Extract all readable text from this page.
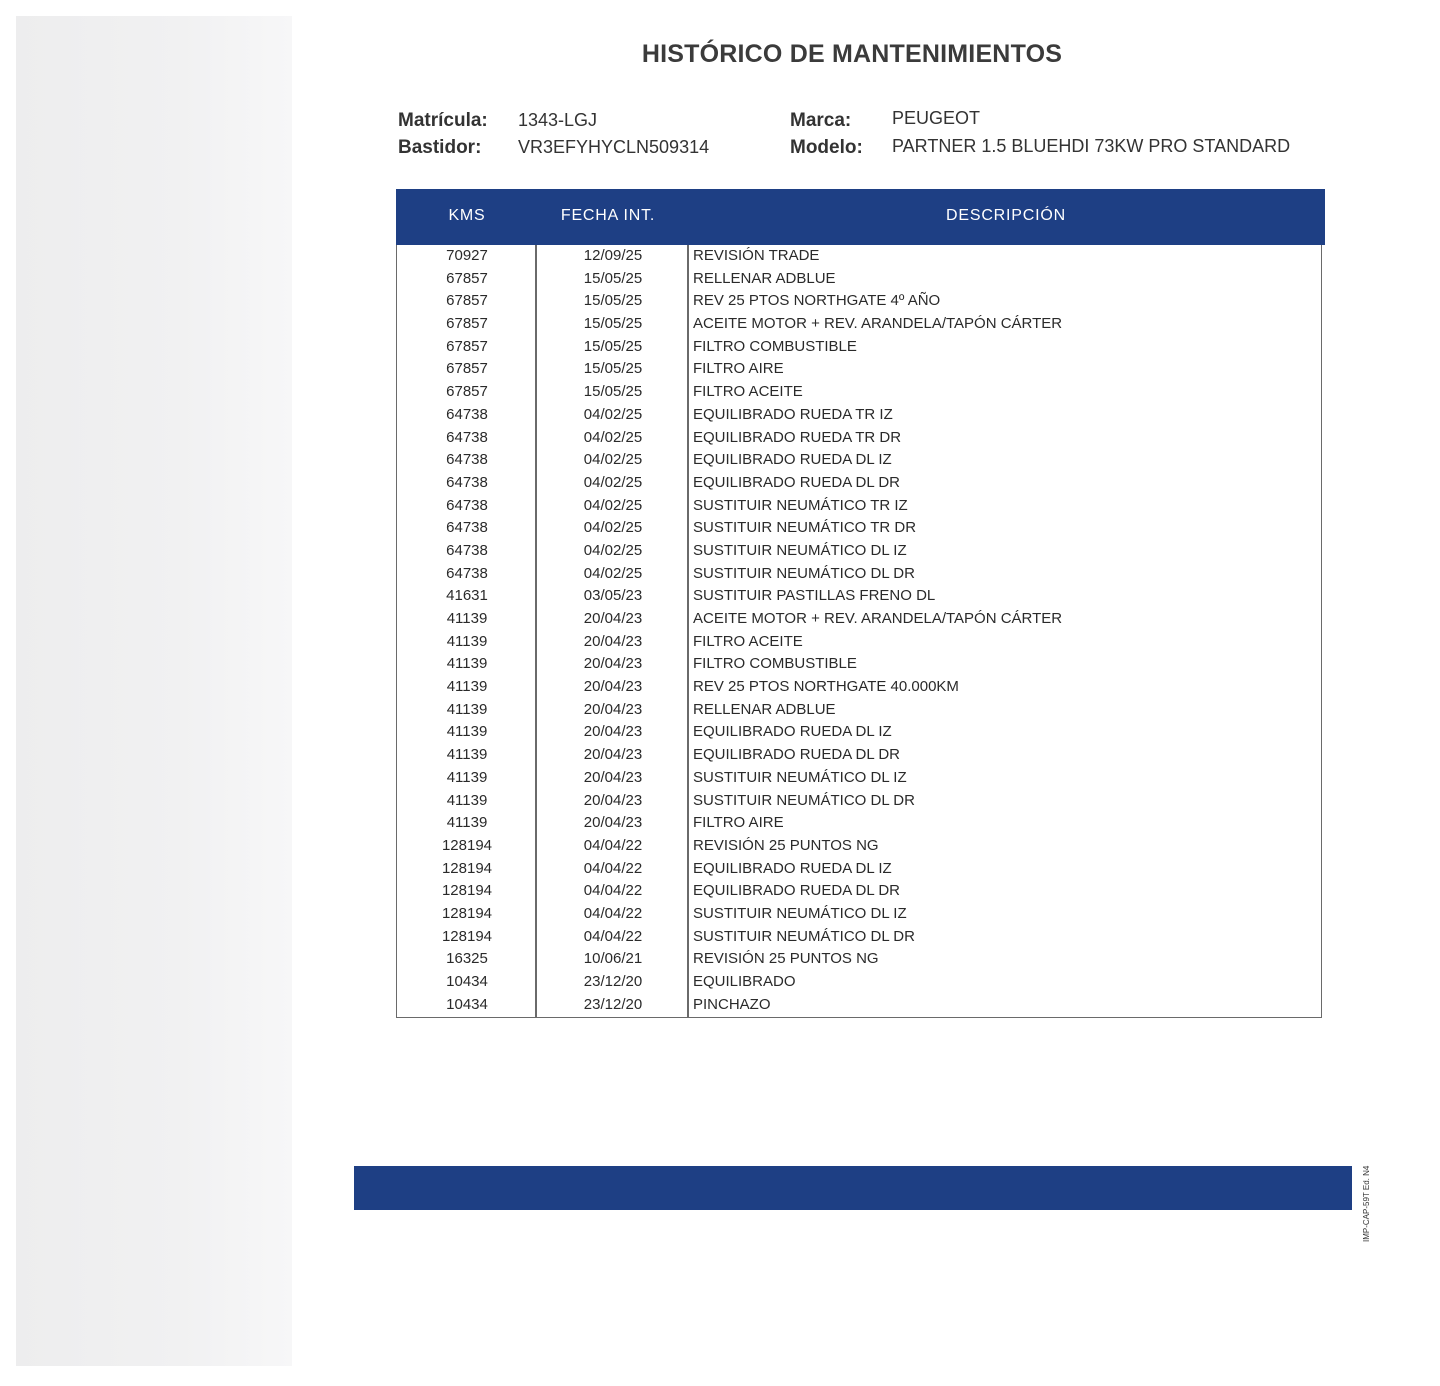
HISTÓRICO DE MANTENIMIENTOS
Matrícula: 1343-LGJ
Bastidor: VR3EFYHYCLN509314
Marca: PEUGEOT
Modelo: PARTNER 1.5 BLUEHDI 73KW PRO STANDARD
KMS	FECHA INT.	DESCRIPCIÓN
70927	12/09/25	REVISIÓN TRADE
67857	15/05/25	RELLENAR ADBLUE
67857	15/05/25	REV 25 PTOS NORTHGATE 4º AÑO
67857	15/05/25	ACEITE MOTOR + REV. ARANDELA/TAPÓN CÁRTER
67857	15/05/25	FILTRO COMBUSTIBLE
67857	15/05/25	FILTRO AIRE
67857	15/05/25	FILTRO ACEITE
64738	04/02/25	EQUILIBRADO RUEDA TR IZ
64738	04/02/25	EQUILIBRADO RUEDA TR DR
64738	04/02/25	EQUILIBRADO RUEDA DL IZ
64738	04/02/25	EQUILIBRADO RUEDA DL DR
64738	04/02/25	SUSTITUIR NEUMÁTICO TR IZ
64738	04/02/25	SUSTITUIR NEUMÁTICO TR DR
64738	04/02/25	SUSTITUIR NEUMÁTICO DL IZ
64738	04/02/25	SUSTITUIR NEUMÁTICO DL DR
41631	03/05/23	SUSTITUIR PASTILLAS FRENO DL
41139	20/04/23	ACEITE MOTOR + REV. ARANDELA/TAPÓN CÁRTER
41139	20/04/23	FILTRO ACEITE
41139	20/04/23	FILTRO COMBUSTIBLE
41139	20/04/23	REV 25 PTOS NORTHGATE 40.000KM
41139	20/04/23	RELLENAR ADBLUE
41139	20/04/23	EQUILIBRADO RUEDA DL IZ
41139	20/04/23	EQUILIBRADO RUEDA DL DR
41139	20/04/23	SUSTITUIR NEUMÁTICO DL IZ
41139	20/04/23	SUSTITUIR NEUMÁTICO DL DR
41139	20/04/23	FILTRO AIRE
128194	04/04/22	REVISIÓN 25 PUNTOS NG
128194	04/04/22	EQUILIBRADO RUEDA DL IZ
128194	04/04/22	EQUILIBRADO RUEDA DL DR
128194	04/04/22	SUSTITUIR NEUMÁTICO DL IZ
128194	04/04/22	SUSTITUIR NEUMÁTICO DL DR
16325	10/06/21	REVISIÓN 25 PUNTOS NG
10434	23/12/20	EQUILIBRADO
10434	23/12/20	PINCHAZO
IMP-CAP-59T Ed. N4
